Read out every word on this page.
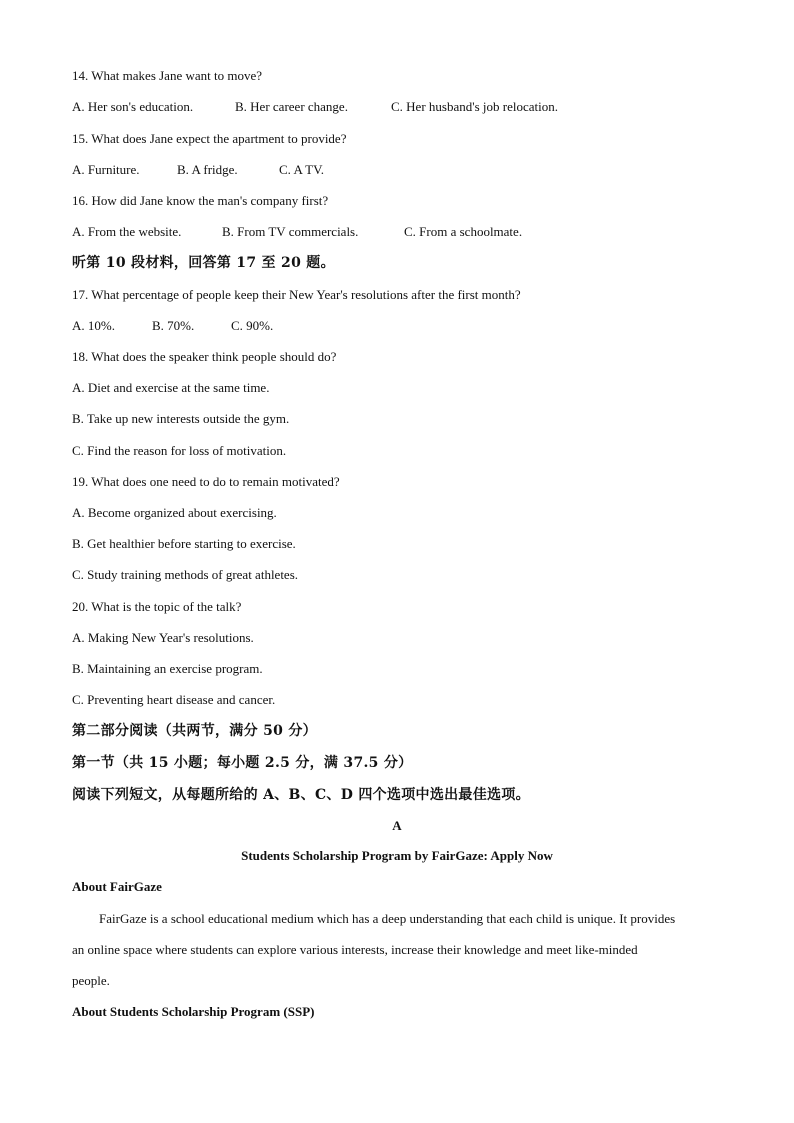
14. What makes Jane want to move?
A. Her son's education.	B. Her career change.	C. Her husband's job relocation.
15. What does Jane expect the apartment to provide?
A. Furniture.	B. A fridge.	C. A TV.
16. How did Jane know the man's company first?
A. From the website.	B. From TV commercials.	C. From a schoolmate.
听第 10 段材料，回答第 17 至 20 题。
17. What percentage of people keep their New Year's resolutions after the first month?
A. 10%.	B. 70%.	C. 90%.
18. What does the speaker think people should do?
A. Diet and exercise at the same time.
B. Take up new interests outside the gym.
C. Find the reason for loss of motivation.
19. What does one need to do to remain motivated?
A. Become organized about exercising.
B. Get healthier before starting to exercise.
C. Study training methods of great athletes.
20. What is the topic of the talk?
A. Making New Year's resolutions.
B. Maintaining an exercise program.
C. Preventing heart disease and cancer.
第二部分阅读（共两节，满分 50 分）
第一节（共 15 小题；每小题 2.5 分，满 37.5 分）
阅读下列短文，从每题所给的 A、B、C、D 四个选项中选出最佳选项。
A
Students Scholarship Program by FairGaze: Apply Now
About FairGaze
FairGaze is a school educational medium which has a deep understanding that each child is unique. It provides
an online space where students can explore various interests, increase their knowledge and meet like-minded
people.
About Students Scholarship Program (SSP)
